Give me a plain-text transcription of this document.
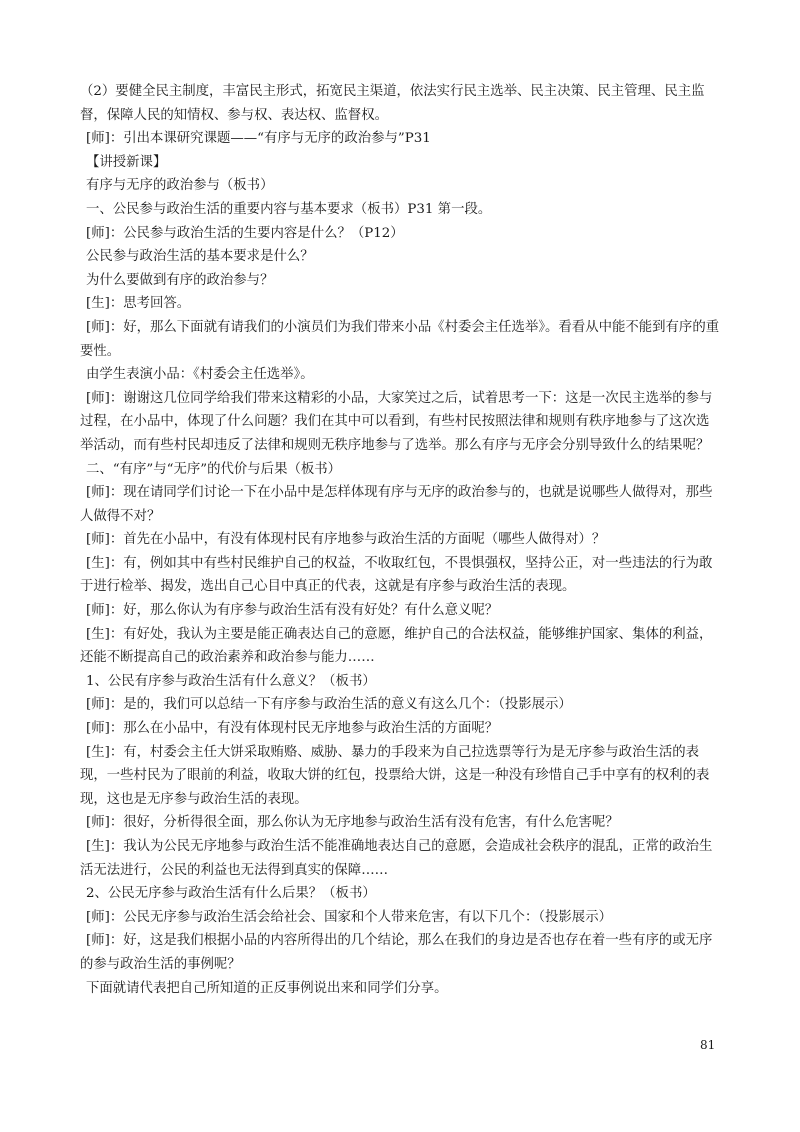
（2）要健全民主制度，丰富民主形式，拓宽民主渠道，依法实行民主选举、民主决策、民主管理、民主监督，保障人民的知情权、参与权、表达权、监督权。

[师]：引出本课研究课题——“有序与无序的政治参与”P31

【讲授新课】

有序与无序的政治参与（板书）

一、公民参与政治生活的重要内容与基本要求（板书）P31 第一段。

[师]：公民参与政治生活的生要内容是什么？（P12）

公民参与政治生活的基本要求是什么？

为什么要做到有序的政治参与？

[生]：思考回答。

[师]：好，那么下面就有请我们的小演员们为我们带来小品《村委会主任选举》。看看从中能不能到有序的重要性。

由学生表演小品：《村委会主任选举》。

[师]：谢谢这几位同学给我们带来这精彩的小品，大家笑过之后，试着思考一下：这是一次民主选举的参与过程，在小品中，体现了什么问题？我们在其中可以看到，有些村民按照法律和规则有秩序地参与了这次选举活动，而有些村民却违反了法律和规则无秩序地参与了选举。那么有序与无序会分别导致什么的结果呢？

二、“有序”与“无序”的代价与后果（板书）

[师]：现在请同学们讨论一下在小品中是怎样体现有序与无序的政治参与的，也就是说哪些人做得对，那些人做得不对？

[师]：首先在小品中，有没有体现村民有序地参与政治生活的方面呢（哪些人做得对）？

[生]：有，例如其中有些村民维护自己的权益，不收取红包，不畏惧强权，坚持公正，对一些违法的行为敢于进行检举、揭发，选出自己心目中真正的代表，这就是有序参与政治生活的表现。

[师]：好，那么你认为有序参与政治生活有没有好处？有什么意义呢？

[生]：有好处，我认为主要是能正确表达自己的意愿，维护自己的合法权益，能够维护国家、集体的利益，还能不断提高自己的政治素养和政治参与能力……

1、公民有序参与政治生活有什么意义？（板书）

[师]：是的，我们可以总结一下有序参与政治生活的意义有这么几个：（投影展示）

[师]：那么在小品中，有没有体现村民无序地参与政治生活的方面呢？

[生]：有，村委会主任大饼采取贿赂、威胁、暴力的手段来为自己拉选票等行为是无序参与政治生活的表现，一些村民为了眼前的利益，收取大饼的红包，投票给大饼，这是一种没有珍惜自己手中享有的权利的表现，这也是无序参与政治生活的表现。

[师]：很好，分析得很全面，那么你认为无序地参与政治生活有没有危害，有什么危害呢？

[生]：我认为公民无序地参与政治生活不能准确地表达自己的意愿，会造成社会秩序的混乱，正常的政治生活无法进行，公民的利益也无法得到真实的保障……

2、公民无序参与政治生活有什么后果？（板书）

[师]：公民无序参与政治生活会给社会、国家和个人带来危害，有以下几个：（投影展示）

[师]：好，这是我们根据小品的内容所得出的几个结论，那么在我们的身边是否也存在着一些有序的或无序的参与政治生活的事例呢？

下面就请代表把自己所知道的正反事例说出来和同学们分享。

81
